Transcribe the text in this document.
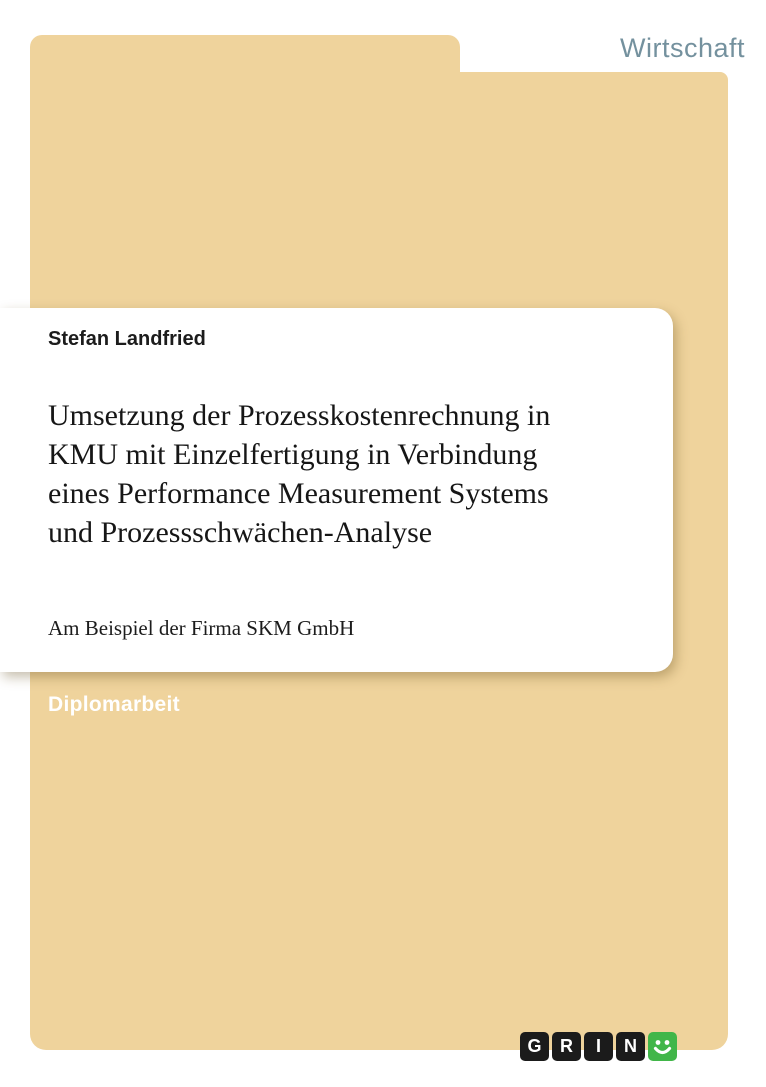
Wirtschaft
Stefan Landfried
Umsetzung der Prozesskostenrechnung in
KMU mit Einzelfertigung in Verbindung
eines Performance Measurement Systems
und Prozessschwächen-Analyse
Am Beispiel der Firma SKM GmbH
Diplomarbeit
G	R	I	N
